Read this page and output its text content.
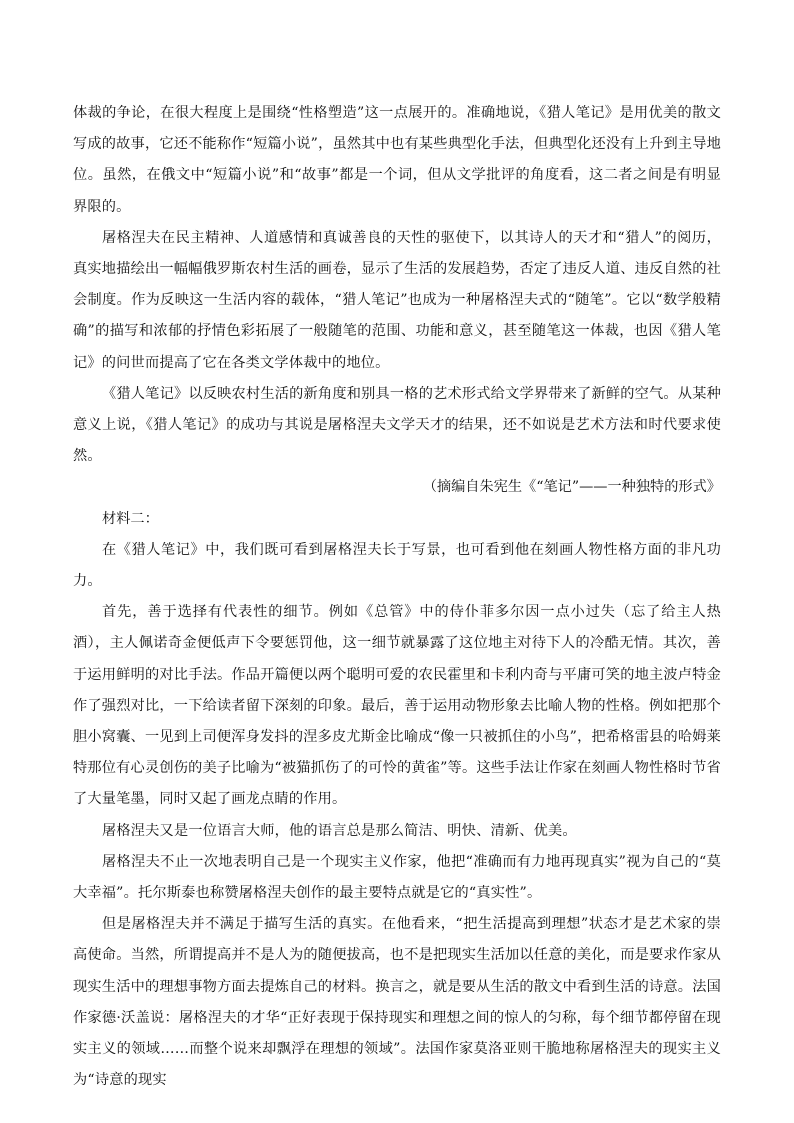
体裁的争论，在很大程度上是围绕“性格塑造”这一点展开的。准确地说，《猎人笔记》是用优美的散文写成的故事，它还不能称作“短篇小说”，虽然其中也有某些典型化手法，但典型化还没有上升到主导地位。虽然，在俄文中“短篇小说”和“故事”都是一个词，但从文学批评的角度看，这二者之间是有明显界限的。

屠格涅夫在民主精神、人道感情和真诚善良的天性的驱使下，以其诗人的天才和“猎人”的阅历，真实地描绘出一幅幅俄罗斯农村生活的画卷，显示了生活的发展趋势，否定了违反人道、违反自然的社会制度。作为反映这一生活内容的载体，“猎人笔记”也成为一种屠格涅夫式的“随笔”。它以“数学般精确”的描写和浓郁的抒情色彩拓展了一般随笔的范围、功能和意义，甚至随笔这一体裁，也因《猎人笔记》的问世而提高了它在各类文学体裁中的地位。

《猎人笔记》以反映农村生活的新角度和别具一格的艺术形式给文学界带来了新鲜的空气。从某种意义上说，《猎人笔记》的成功与其说是屠格涅夫文学天才的结果，还不如说是艺术方法和时代要求使然。

（摘编自朱宪生《“笔记”——一种独特的形式》

材料二：

在《猎人笔记》中，我们既可看到屠格涅夫长于写景，也可看到他在刻画人物性格方面的非凡功力。

首先，善于选择有代表性的细节。例如《总管》中的侍仆菲多尔因一点小过失（忘了给主人热酒），主人佩诺奇金便低声下令要惩罚他，这一细节就暴露了这位地主对待下人的冷酷无情。其次，善于运用鲜明的对比手法。作品开篇便以两个聪明可爱的农民霍里和卡利内奇与平庸可笑的地主波卢特金作了强烈对比，一下给读者留下深刻的印象。最后，善于运用动物形象去比喻人物的性格。例如把那个胆小窝囊、一见到上司便浑身发抖的涅多皮尤斯金比喻成“像一只被抓住的小鸟”，把希格雷县的哈姆莱特那位有心灵创伤的美子比喻为“被猫抓伤了的可怜的黄雀”等。这些手法让作家在刻画人物性格时节省了大量笔墨，同时又起了画龙点睛的作用。

屠格涅夫又是一位语言大师，他的语言总是那么简洁、明快、清新、优美。

屠格涅夫不止一次地表明自己是一个现实主义作家，他把“准确而有力地再现真实”视为自己的“莫大幸福”。托尔斯泰也称赞屠格涅夫创作的最主要特点就是它的“真实性”。

但是屠格涅夫并不满足于描写生活的真实。在他看来，“把生活提高到理想”状态才是艺术家的崇高使命。当然，所谓提高并不是人为的随便拔高，也不是把现实生活加以任意的美化，而是要求作家从现实生活中的理想事物方面去提炼自己的材料。换言之，就是要从生活的散文中看到生活的诗意。法国作家德·沃盖说：屠格涅夫的才华“正好表现于保持现实和理想之间的惊人的匀称，每个细节都停留在现实主义的领域……而整个说来却飘浮在理想的领域”。法国作家莫洛亚则干脆地称屠格涅夫的现实主义为“诗意的现实
